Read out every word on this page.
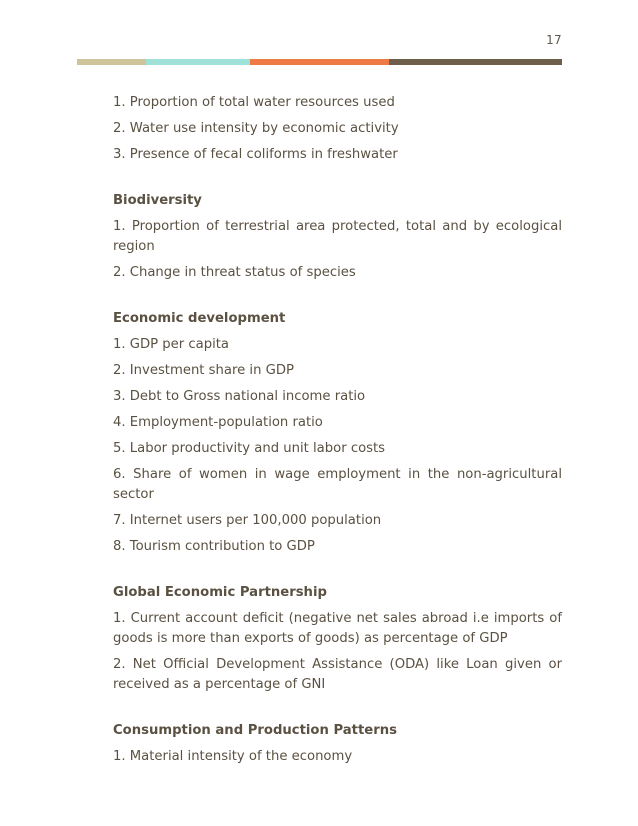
17

1. Proportion of total water resources used

2. Water use intensity by economic activity

3. Presence of fecal coliforms in freshwater

Biodiversity

1. Proportion of terrestrial area protected, total and by ecological region

2. Change in threat status of species

Economic development

1. GDP per capita

2. Investment share in GDP

3. Debt to Gross national income ratio

4. Employment-population ratio

5. Labor productivity and unit labor costs

6. Share of women in wage employment in the non-agricultural sector

7. Internet users per 100,000 population

8. Tourism contribution to GDP

Global Economic Partnership

1. Current account deficit (negative net sales abroad i.e imports of goods is more than exports of goods) as percentage of GDP

2. Net Official Development Assistance (ODA) like Loan given or received as a percentage of GNI

Consumption and Production Patterns

1. Material intensity of the economy
